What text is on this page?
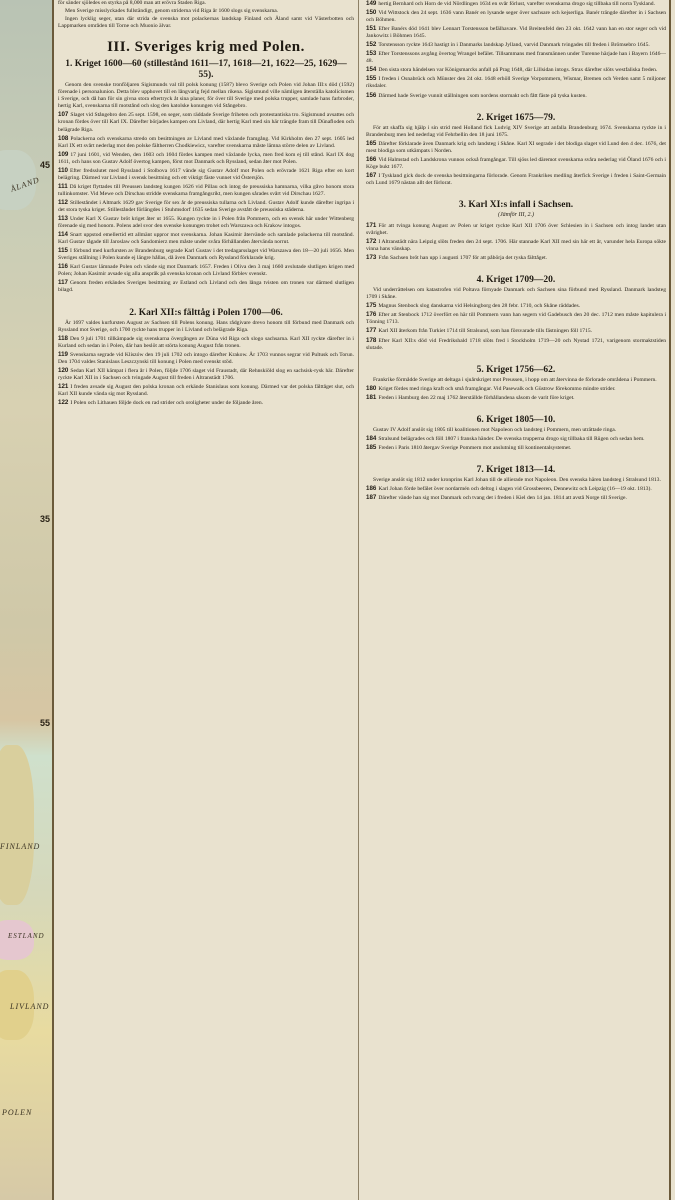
ÅLAND
FINLAND
ESTLAND
LIVLAND
POLEN
45
35
55

för sänder sjöledes en styrka på 8,000 man att erövra Staden Riga.

Men Sverige misslyckades fullständigt, genom striderna vid Riga år 1600 slogs sig svenskarna.

Ingen lycklig seger, utan där strida de svenska mot polackernas landskap Finland och Åland samt vid Västerbotten och Lappmarken områden till Torne och Muonio älvar.

III. Sveriges krig med Polen.
1. Kriget 1600—60 (stillestånd 1611—17, 1618—21, 1622—25, 1629—55).

Genom den svenske tronföljaren Sigismunds val till polsk konung (1587) blevo Sverige och Polen vid Johan III:s död (1592) förenade i personalunion. Detta blev upphovet till en långvarig fejd mellan rikena. Sigismund ville nämligen återställa katolicismen i Sverige, och då han för sin givna stora eftertryck åt sina planer, för över till Sverige med polska trupper, samlade hans farbroder, hertig Karl, svenskarna till motstånd och slog den katolske konungen vid Stångebro.

107 Slaget vid Stångebro den 25 sept. 1598, en seger, som räddade Sverige friheten och protestantiska tro. Sigismund avsattes och kronan fördes över till Karl IX. Därefter börjades kampen om Livland, där hertig Karl med sin här trängde fram till Dünafloden och belägrade Riga.

108 Polackerna och svenskarna stredo om besittningen av Livland med växlande framgång. Vid Kirkholm den 27 sept. 1605 led Karl IX ett svårt nederlag mot den polske fältherren Chodkiewicz, varefter svenskarna måste lämna större delen av Livland.

109 17 juni 1601, vid Wenden, den 1603 och 1604 fördes kampen med växlande lycka, men fred kom ej till stånd. Karl IX dog 1611, och hans son Gustav Adolf övertog kampen, först mot Danmark och Ryssland, sedan åter mot Polen.

110 Efter fredsslutet med Ryssland i Stolbova 1617 vände sig Gustav Adolf mot Polen och erövrade 1621 Riga efter en kort belägring. Därmed var Livland i svensk besittning och ett viktigt fäste vunnet vid Östersjön.

111 Då kriget flyttades till Preussen landsteg kungen 1626 vid Pillau och intog de preussiska hamnarna, vilka gåvo honom stora tullinkomster. Vid Mewe och Dirschau stridde svenskarna framgångsrikt, men kungen sårades svårt vid Dirschau 1627.

112 Stilleståndet i Altmark 1629 gav Sverige för sex år de preussiska tullarna och Livland. Gustav Adolf kunde därefter ingripa i det stora tyska kriget. Stilleståndet förlängdes i Stuhmsdorf 1635 sedan Sverige avstått de preussiska städerna.

113 Under Karl X Gustav bröt kriget åter ut 1655. Kungen ryckte in i Polen från Pommern, och en svensk här under Wittenberg förenade sig med honom. Polens adel svor den svenske konungen trohet och Warszawa och Krakow intogos.

114 Snart uppstod emellertid ett allmänt uppror mot svenskarna. Johan Kasimir återvände och samlade polackerna till motstånd. Karl Gustav tågade till Jaroslaw och Sandomierz men måste under svåra förhållanden återvända norrut.

115 I förbund med kurfursten av Brandenburg segrade Karl Gustav i det tredagarsslaget vid Warszawa den 18—20 juli 1656. Men Sveriges ställning i Polen kunde ej längre hållas, då även Danmark och Ryssland förklarade krig.

116 Karl Gustav lämnade Polen och vände sig mot Danmark 1657. Freden i Oliva den 3 maj 1660 avslutade slutligen krigen med Polen; Johan Kasimir avsade sig alla anspråk på svenska kronan och Livland förblev svenskt.

117 Genom freden erkändes Sveriges besittning av Estland och Livland och den långa tvisten om tronen var därmed slutligen bilagd.

2. Karl XII:s fälttåg i Polen 1700—06.

År 1697 valdes kurfursten August av Sachsen till Polens konung. Hans rådgivare drevo honom till förbund med Danmark och Ryssland mot Sverige, och 1700 ryckte hans trupper in i Livland och belägrade Riga.

118 Den 9 juli 1701 tillkämpade sig svenskarna övergången av Düna vid Riga och slogo sachsarna. Karl XII ryckte därefter in i Kurland och sedan in i Polen, där han beslöt att störta konung August från tronen.

119 Svenskarna segrade vid Kliszów den 19 juli 1702 och intogo därefter Krakow. År 1703 vunnos segrar vid Pultusk och Torun. Den 1704 valdes Stanislaus Leszczynski till konung i Polen med svenskt stöd.

120 Sedan Karl XII kämpat i flera år i Polen, följde 1706 slaget vid Fraustadt, där Rehnskiöld slog en sachsisk-rysk här. Därefter ryckte Karl XII in i Sachsen och tvingade August till freden i Altranstädt 1706.

121 I freden avsade sig August den polska kronan och erkände Stanislaus som konung. Därmed var det polska fälttåget slut, och Karl XII kunde vända sig mot Ryssland.

122 I Polen och Lithauen följde dock en rad strider och oroligheter under de följande åren.

149 hertig Bernhard och Horn de vid Nördlingen 1634 en svår förlust, varefter svenskarna drogo sig tillbaka till norra Tyskland.

150 Vid Wittstock den 24 sept. 1636 vann Banér en lysande seger över sachsare och kejserliga. Banér trängde därefter in i Sachsen och Böhmen.

151 Efter Banérs död 1641 blev Lennart Torstensson befälhavare. Vid Breitenfeld den 23 okt. 1642 vann han en stor seger och vid Jankowitz i Böhmen 1645.

152 Torstensson ryckte 1643 hastigt in i Danmarks landskap Jylland, varvid Danmark tvingades till freden i Brömsebro 1645.

153 Efter Torstenssons avgång övertog Wrangel befälet. Tillsammans med fransmännen under Turenne härjade han i Bayern 1646—48.

154 Den sista stora händelsen var Königsmarcks anfall på Prag 1648, där Lillsidan intogs. Strax därefter slöts westfaliska freden.

155 I freden i Osnabrück och Münster den 24 okt. 1648 erhöll Sverige Vorpommern, Wismar, Bremen och Verden samt 5 miljoner riksdaler.

156 Därmed hade Sverige vunnit ställningen som nordens stormakt och fått fäste på tyska kusten.

2. Kriget 1675—79.

För att skaffa sig hjälp i sin strid med Holland fick Ludvig XIV Sverige att anfalla Brandenburg 1674. Svenskarna ryckte in i Brandenburg men led nederlag vid Fehrbellin den 18 juni 1675.

165 Därefter förklarade även Danmark krig och landsteg i Skåne. Karl XI segrade i det blodiga slaget vid Lund den 4 dec. 1676, det mest blodiga som utkämpats i Norden.

166 Vid Halmstad och Landskrona vunnos också framgångar. Till sjöss led däremot svenskarna svåra nederlag vid Öland 1676 och i Köge bukt 1677.

167 I Tyskland gick dock de svenska besittningarna förlorade. Genom Frankrikes medling återfick Sverige i freden i Saint-Germain och Lund 1679 nästan allt det förlorat.

3. Karl XI:s infall i Sachsen.
(Jämför III, 2.)

171 För att tvinga konung August av Polen ur kriget ryckte Karl XII 1706 över Schlesien in i Sachsen och intog landet utan svårighet.

172 I Altranstädt nära Leipzig slöts freden den 24 sept. 1706. Här stannade Karl XII med sin här ett år, varunder hela Europa sökte vinna hans vänskap.

173 Från Sachsen bröt han upp i augusti 1707 för att påbörja det ryska fälttåget.

4. Kriget 1709—20.

Vid underrättelsen om katastrofen vid Poltava förnyade Danmark och Sachsen sina förbund med Ryssland. Danmark landsteg 1709 i Skåne.

175 Magnus Stenbock slog danskarna vid Helsingborg den 28 febr. 1710, och Skåne räddades.

176 Efter att Stenbock 1712 överfört en här till Pommern vann han segern vid Gadebusch den 20 dec. 1712 men måste kapitulera i Tönning 1713.

177 Karl XII återkom från Turkiet 1714 till Stralsund, som han försvarade tills fästningen föll 1715.

178 Efter Karl XII:s död vid Fredrikshald 1718 slöts fred i Stockholm 1719—20 och Nystad 1721, varigenom stormaktstiden slutade.

5. Kriget 1756—62.

Frankrike förmådde Sverige att deltaga i sjuårskriget mot Preussen, i hopp om att återvinna de förlorade områdena i Pommern.

180 Kriget fördes med ringa kraft och små framgångar. Vid Pasewalk och Güstrow förekommo mindre strider.

181 Freden i Hamburg den 22 maj 1762 återställde förhållandena såsom de varit före kriget.

6. Kriget 1805—10.

Gustav IV Adolf anslöt sig 1805 till koalitionen mot Napoleon och landsteg i Pommern, men uträttade ringa.

184 Stralsund belägrades och föll 1807 i franska händer. De svenska trupperna drogo sig tillbaka till Rügen och sedan hem.

185 Freden i Paris 1810 återgav Sverige Pommern mot anslutning till kontinentalsystemet.

7. Kriget 1813—14.

Sverige anslöt sig 1812 under kronprins Karl Johan till de allierade mot Napoleon. Den svenska hären landsteg i Stralsund 1813.

186 Karl Johan förde befälet över nordarmén och deltog i slagen vid Grossbeeren, Dennewitz och Leipzig (16—19 okt. 1813).

187 Därefter vände han sig mot Danmark och tvang det i freden i Kiel den 14 jan. 1814 att avstå Norge till Sverige.
